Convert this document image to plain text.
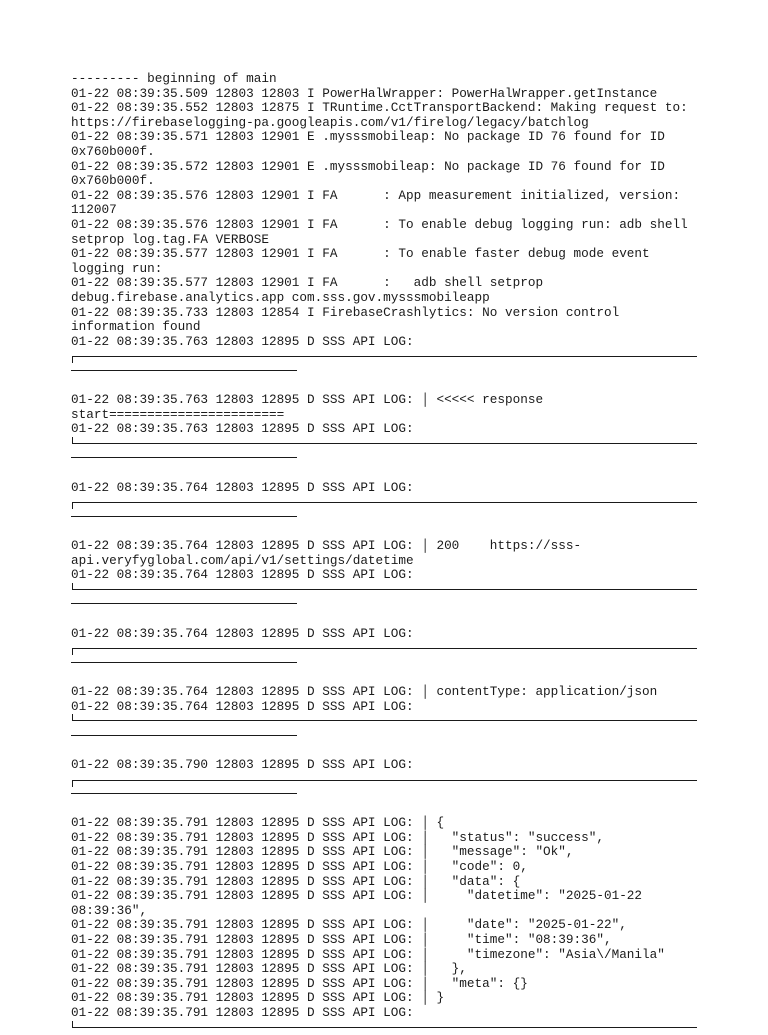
--------- beginning of main
01-22 08:39:35.509 12803 12803 I PowerHalWrapper: PowerHalWrapper.getInstance
01-22 08:39:35.552 12803 12875 I TRuntime.CctTransportBackend: Making request to:
https://firebaselogging-pa.googleapis.com/v1/firelog/legacy/batchlog
01-22 08:39:35.571 12803 12901 E .mysssmobileap: No package ID 76 found for ID
0x760b000f.
01-22 08:39:35.572 12803 12901 E .mysssmobileap: No package ID 76 found for ID
0x760b000f.
01-22 08:39:35.576 12803 12901 I FA      : App measurement initialized, version:
112007
01-22 08:39:35.576 12803 12901 I FA      : To enable debug logging run: adb shell
setprop log.tag.FA VERBOSE
01-22 08:39:35.577 12803 12901 I FA      : To enable faster debug mode event
logging run:
01-22 08:39:35.577 12803 12901 I FA      :   adb shell setprop
debug.firebase.analytics.app com.sss.gov.mysssmobileapp
01-22 08:39:35.733 12803 12854 I FirebaseCrashlytics: No version control
information found
01-22 08:39:35.763 12803 12895 D SSS API LOG:
01-22 08:39:35.763 12803 12895 D SSS API LOG: │ <<<<< response
start=======================
01-22 08:39:35.763 12803 12895 D SSS API LOG:
01-22 08:39:35.764 12803 12895 D SSS API LOG:
01-22 08:39:35.764 12803 12895 D SSS API LOG: │ 200    https://sss-
api.veryfyglobal.com/api/v1/settings/datetime
01-22 08:39:35.764 12803 12895 D SSS API LOG:
01-22 08:39:35.764 12803 12895 D SSS API LOG:
01-22 08:39:35.764 12803 12895 D SSS API LOG: │ contentType: application/json
01-22 08:39:35.764 12803 12895 D SSS API LOG:
01-22 08:39:35.790 12803 12895 D SSS API LOG:
01-22 08:39:35.791 12803 12895 D SSS API LOG: │ {
01-22 08:39:35.791 12803 12895 D SSS API LOG: │   "status": "success",
01-22 08:39:35.791 12803 12895 D SSS API LOG: │   "message": "Ok",
01-22 08:39:35.791 12803 12895 D SSS API LOG: │   "code": 0,
01-22 08:39:35.791 12803 12895 D SSS API LOG: │   "data": {
01-22 08:39:35.791 12803 12895 D SSS API LOG: │     "datetime": "2025-01-22
08:39:36",
01-22 08:39:35.791 12803 12895 D SSS API LOG: │     "date": "2025-01-22",
01-22 08:39:35.791 12803 12895 D SSS API LOG: │     "time": "08:39:36",
01-22 08:39:35.791 12803 12895 D SSS API LOG: │     "timezone": "Asia\/Manila"
01-22 08:39:35.791 12803 12895 D SSS API LOG: │   },
01-22 08:39:35.791 12803 12895 D SSS API LOG: │   "meta": {}
01-22 08:39:35.791 12803 12895 D SSS API LOG: │ }
01-22 08:39:35.791 12803 12895 D SSS API LOG:
